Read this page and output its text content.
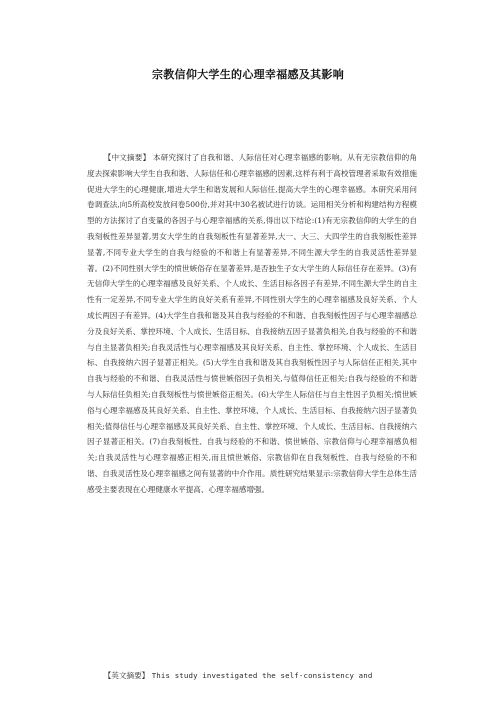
宗教信仰大学生的心理幸福感及其影响

【中文摘要】 本研究探讨了自我和谐、人际信任对心理幸福感的影响。从有无宗教信仰的角度去探索影响大学生自我和谐、人际信任和心理幸福感的因素,这样有利于高校管理者采取有效措施促进大学生的心理健康,增进大学生和谐发展和人际信任,提高大学生的心理幸福感。本研究采用问卷调查法,向5所高校发放问卷500份,并对其中30名被试进行访谈。运用相关分析和构建结构方程模型的方法探讨了自变量的各因子与心理幸福感的关系,得出以下结论:(1)有无宗教信仰的大学生的自我刻板性差异显著,男女大学生的自我刻板性有显著差异,大一、大三、大四学生的自我刻板性差异显著,不同专业大学生的自我与经验的不和谐上有显著差异,不同生源大学生的自我灵活性差异显著。(2)不同性别大学生的愤世嫉俗存在显著差异,是否独生子女大学生的人际信任存在差异。(3)有无信仰大学生的心理幸福感及良好关系、个人成长、生活目标各因子有差异,不同生源大学生的自主性有一定差异,不同专业大学生的良好关系有差异,不同性别大学生的心理幸福感及良好关系、个人成长两因子有差异。(4)大学生自我和谐及其自我与经验的不和谐、自我刻板性因子与心理幸福感总分及良好关系、掌控环境、个人成长、生活目标、自我接纳五因子显著负相关,自我与经验的不和谐与自主显著负相关;自我灵活性与心理幸福感及其良好关系、自主性、掌控环境、个人成长、生活目标、自我接纳六因子显著正相关。(5)大学生自我和谐及其自我刻板性因子与人际信任正相关,其中自我与经验的不和谐、自我灵活性与愤世嫉俗因子负相关,与值得信任正相关;自我与经验的不和谐与人际信任负相关;自我刻板性与愤世嫉俗正相关。(6)大学生人际信任与自主性因子负相关;愤世嫉俗与心理幸福感及其良好关系、自主性、掌控环境、个人成长、生活目标、自我接纳六因子显著负相关;值得信任与心理幸福感及其良好关系、自主性、掌控环境、个人成长、生活目标、自我接纳六因子显著正相关。(7)自我刻板性、自我与经验的不和谐、愤世嫉俗、宗教信仰与心理幸福感负相关;自我灵活性与心理幸福感正相关,而且愤世嫉俗、宗教信仰在自我刻板性、自我与经验的不和谐、自我灵活性及心理幸福感之间有显著的中介作用。质性研究结果显示:宗教信仰大学生总体生活感受主要表现在心理健康水平提高、心理幸福感增强。

【英文摘要】 This study investigated the self-consistency and
